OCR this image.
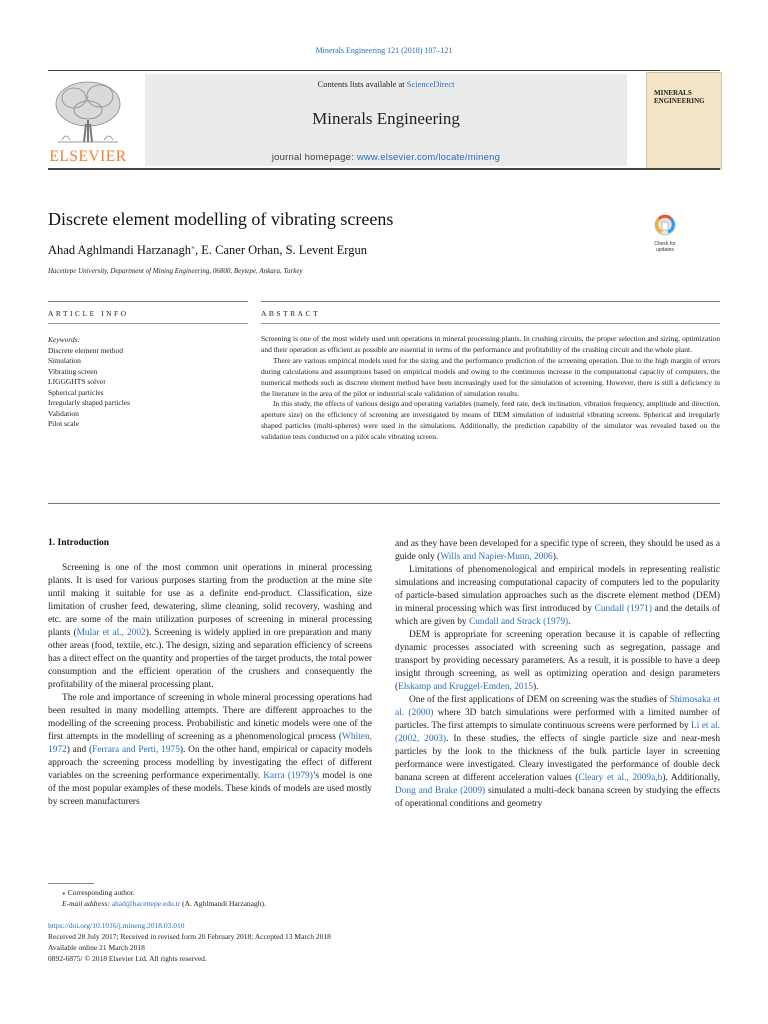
Minerals Engineering 121 (2018) 107–121
ELSEVIER
Contents lists available at ScienceDirect
Minerals Engineering
journal homepage: www.elsevier.com/locate/mineng
MINERALS
ENGINEERING
Discrete element modelling of vibrating screens
Ahad Aghlmandi Harzanagh⁎, E. Caner Orhan, S. Levent Ergun
Hacettepe University, Department of Mining Engineering, 06800, Beytepe, Ankara, Turkey
Check for updates
ARTICLE INFO	ABSTRACT
Keywords:
Discrete element method
Simulation
Vibrating screen
LIGGGHTS solver
Spherical particles
Irregularly shaped particles
Validation
Pilot scale

Screening is one of the most widely used unit operations in mineral processing plants. In crushing circuits, the proper selection and sizing, optimization and their operation as efficient as possible are essential in terms of the performance and profitability of the crushing circuit and the whole plant.

There are various empirical models used for the sizing and the performance prediction of the screening operation. Due to the high margin of errors during calculations and assumptions based on empirical models and owing to the continuous increase in the computational capacity of computers, the numerical methods such as discrete element method have been increasingly used for the simulation of screening. However, there is still a deficiency in the literature in the area of the pilot or industrial scale validation of simulation results.

In this study, the effects of various design and operating variables (namely, feed rate, deck inclination, vibration frequency, amplitude and direction, aperture size) on the efficiency of screening are investigated by means of DEM simulation of industrial vibrating screens. Spherical and irregularly shaped particles (multi-spheres) were used in the simulations. Additionally, the prediction capability of the simulator was revealed based on the validation tests conducted on a pilot scale vibrating screen.

1. Introduction

Screening is one of the most common unit operations in mineral processing plants. It is used for various purposes starting from the production at the mine site until making it suitable for use as a definite end-product. Classification, size limitation of crusher feed, dewatering, slime cleaning, solid recovery, washing and etc. are some of the main utilization purposes of screening in mineral processing plants (Mular et al., 2002). Screening is widely applied in ore preparation and many other areas (food, textile, etc.). The design, sizing and separation efficiency of screens has a direct effect on the quantity and properties of the target products, the total power consumption and the efficient operation of the crushers and consequently the profitability of the mineral processing plant.

The role and importance of screening in whole mineral processing operations had been resulted in many modelling attempts. There are different approaches to the modelling of the screening process. Probabilistic and kinetic models were one of the first attempts in the modelling of screening as a phenomenological process (Whiten, 1972) and (Ferrara and Perti, 1975). On the other hand, empirical or capacity models approach the screening process modelling by investigating the effect of different variables on the screening performance experimentally. Karra (1979)’s model is one of the most popular examples of these models. These kinds of models are used mostly by screen manufacturers

and as they have been developed for a specific type of screen, they should be used as a guide only (Wills and Napier-Munn, 2006).

Limitations of phenomenological and empirical models in representing realistic simulations and increasing computational capacity of computers led to the popularity of particle-based simulation approaches such as the discrete element method (DEM) in mineral processing which was first introduced by Cundall (1971) and the details of which are given by Cundall and Strack (1979).

DEM is appropriate for screening operation because it is capable of reflecting dynamic processes associated with screening such as segregation, passage and transport by providing necessary parameters. As a result, it is possible to have a deep insight through screening, as well as optimizing operation and design parameters (Elskamp and Kruggel-Emden, 2015).

One of the first applications of DEM on screening was the studies of Shimosaka et al. (2000) where 3D batch simulations were performed with a limited number of particles. The first attempts to simulate continuous screens were performed by Li et al. (2002, 2003). In these studies, the effects of single particle size and near-mesh particles by the look to the thickness of the bulk particle layer in screening performance were investigated. Cleary investigated the performance of double deck banana screen at different acceleration values (Cleary et al., 2009a,b). Additionally, Dong and Brake (2009) simulated a multi-deck banana screen by studying the effects of operational conditions and geometry

⁎ Corresponding author.
E-mail address: ahad@hacettepe.edu.tr (A. Aghlmandi Harzanagh).
https://doi.org/10.1016/j.mineng.2018.03.010
Received 28 July 2017; Received in revised form 20 February 2018; Accepted 13 March 2018
Available online 21 March 2018
0892-6875/ © 2018 Elsevier Ltd. All rights reserved.
